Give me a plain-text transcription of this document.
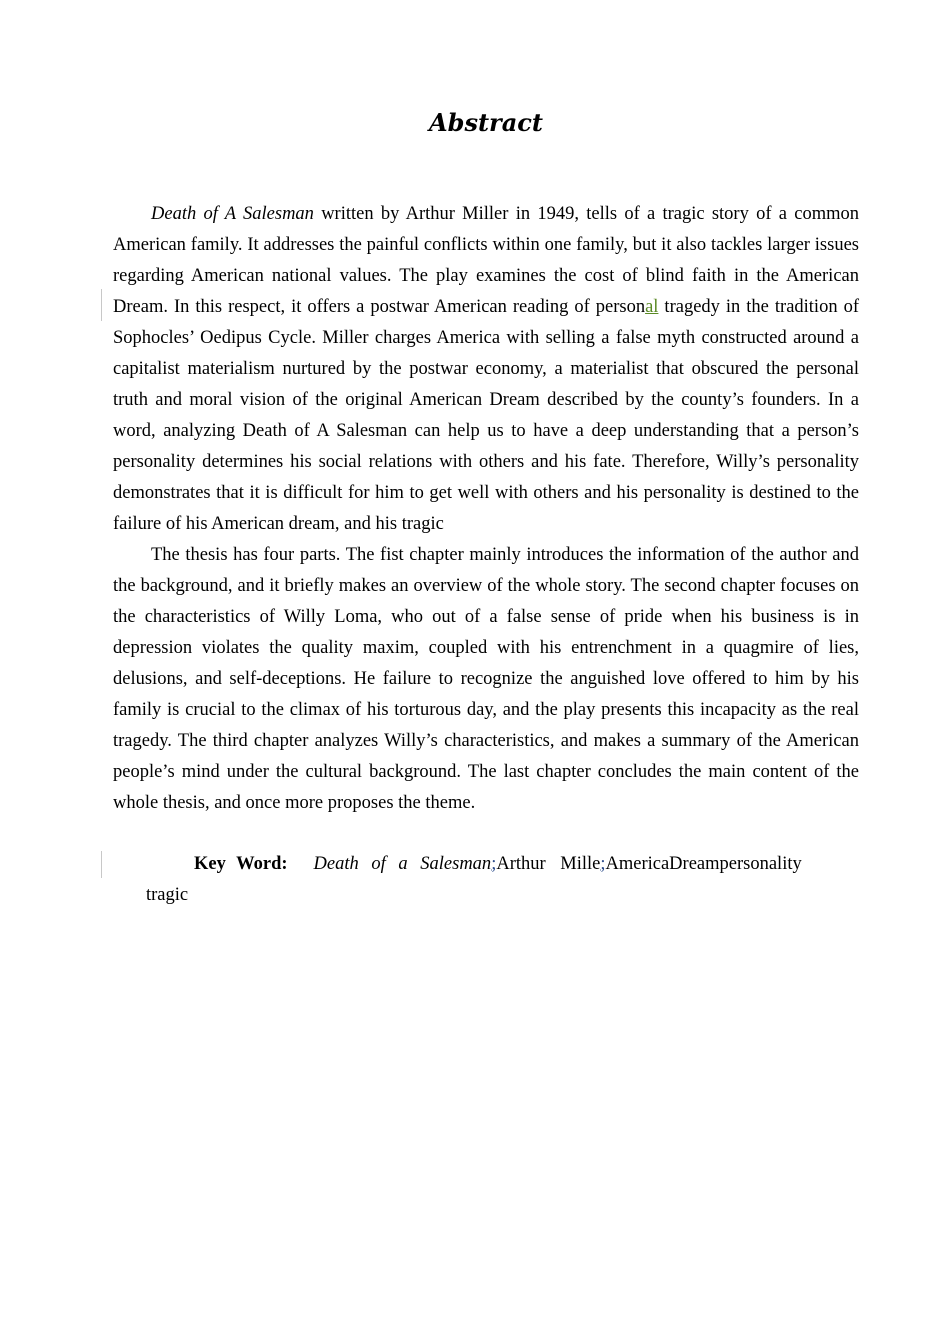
Abstract

Death of A Salesman written by Arthur Miller in 1949, tells of a tragic story of a common American family. It addresses the painful conflicts within one family, but it also tackles larger issues regarding American national values. The play examines the cost of blind faith in the American Dream. In this respect, it offers a postwar American reading of personal tragedy in the tradition of Sophocles’ Oedipus Cycle. Miller charges America with selling a false myth constructed around a capitalist materialism nurtured by the postwar economy, a materialist that obscured the personal truth and moral vision of the original American Dream described by the county’s founders. In a word, analyzing Death of A Salesman can help us to have a deep understanding that a person’s personality determines his social relations with others and his fate. Therefore, Willy’s personality demonstrates that it is difficult for him to get well with others and his personality is destined to the failure of his American dream, and his tragic

The thesis has four parts. The fist chapter mainly introduces the information of the author and the background, and it briefly makes an overview of the whole story. The second chapter focuses on the characteristics of Willy Loma, who out of a false sense of pride when his business is in depression violates the quality maxim, coupled with his entrenchment in a quagmire of lies, delusions, and self-deceptions. He failure to recognize the anguished love offered to him by his family is crucial to the climax of his torturous day, and the play presents this incapacity as the real tragedy. The third chapter analyzes Willy’s characteristics, and makes a summary of the American people’s mind under the cultural background. The last chapter concludes the main content of the whole thesis, and once more proposes the theme.

Key Word: Death of a Salesman ; Arthur Mille ; AmericaDreampersonality

tragic
